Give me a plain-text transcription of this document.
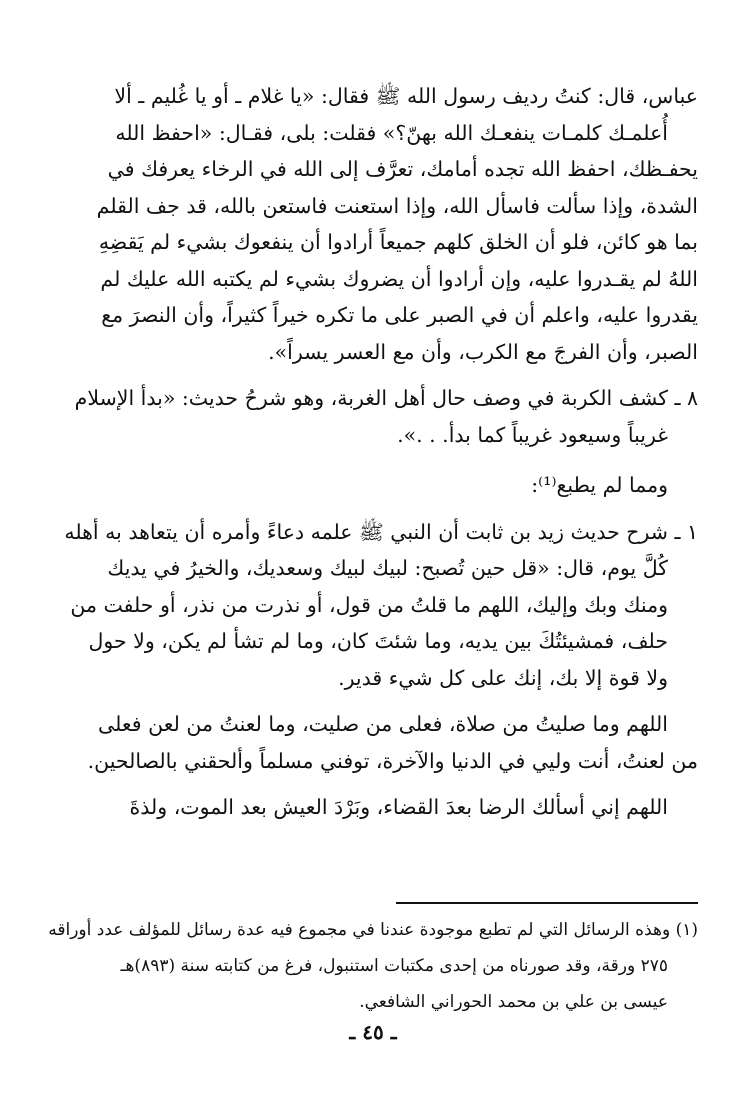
عباس، قال: كنتُ رديف رسول الله ﷺ فقال: «يا غلام ـ أو يا غُليم ـ ألا
أُعلمـك كلمـات ينفعـك الله بهنّ؟» فقلت: بلى، فقـال: «احفظ الله
يحفـظك، احفظ الله تجده أمامك، تعرَّف إلى الله في الرخاء يعرفك في
الشدة، وإذا سألت فاسأل الله، وإذا استعنت فاستعن بالله، قد جف القلم
بما هو كائن، فلو أن الخلق كلهم جميعاً أرادوا أن ينفعوك بشيء لم يَقضِهِ
اللهُ لم يقـدروا عليه، وإن أرادوا أن يضروك بشيء لم يكتبه الله عليك لم
يقدروا عليه، واعلم أن في الصبر على ما تكره خيراً كثيراً، وأن النصرَ مع
الصبر، وأن الفرجَ مع الكرب، وأن مع العسر يسراً».

٨ ـ
كشف الكربة في وصف حال أهل الغربة، وهو شرحُ حديث: «بدأ الإسلام
غريباً وسيعود غريباً كما بدأ. . .».

ومما لم يطبع⁽¹⁾:

١ ـ
شرح حديث زيد بن ثابت أن النبي ﷺ علمه دعاءً وأمره أن يتعاهد به أهله
كُلَّ يوم، قال: «قل حين تُصبح: لبيك لبيك وسعديك، والخيرُ في يديك
ومنك وبك وإليك، اللهم ما قلتُ من قول، أو نذرت من نذر، أو حلفت من
حلف، فمشيئتُكَ بين يديه، وما شئتَ كان، وما لم تشأ لم يكن، ولا حول
ولا قوة إلا بك، إنك على كل شيء قدير.

اللهم وما صليتُ من صلاة، فعلى من صليت، وما لعنتُ من لعن فعلى
من لعنتُ، أنت وليي في الدنيا والآخرة، توفني مسلماً وألحقني بالصالحين.

اللهم إني أسألك الرضا بعدَ القضاء، وبَرْدَ العيش بعد الموت، ولذةَ

(١) وهذه الرسائل التي لم تطبع موجودة عندنا في مجموع فيه عدة رسائل للمؤلف عدد أوراقه
٢٧٥ ورقة، وقد صورناه من إحدى مكتبات استنبول، فرغ من كتابته سنة (٨٩٣)هـ
عيسى بن علي بن محمد الحوراني الشافعي.
ـ ٤٥ ـ
